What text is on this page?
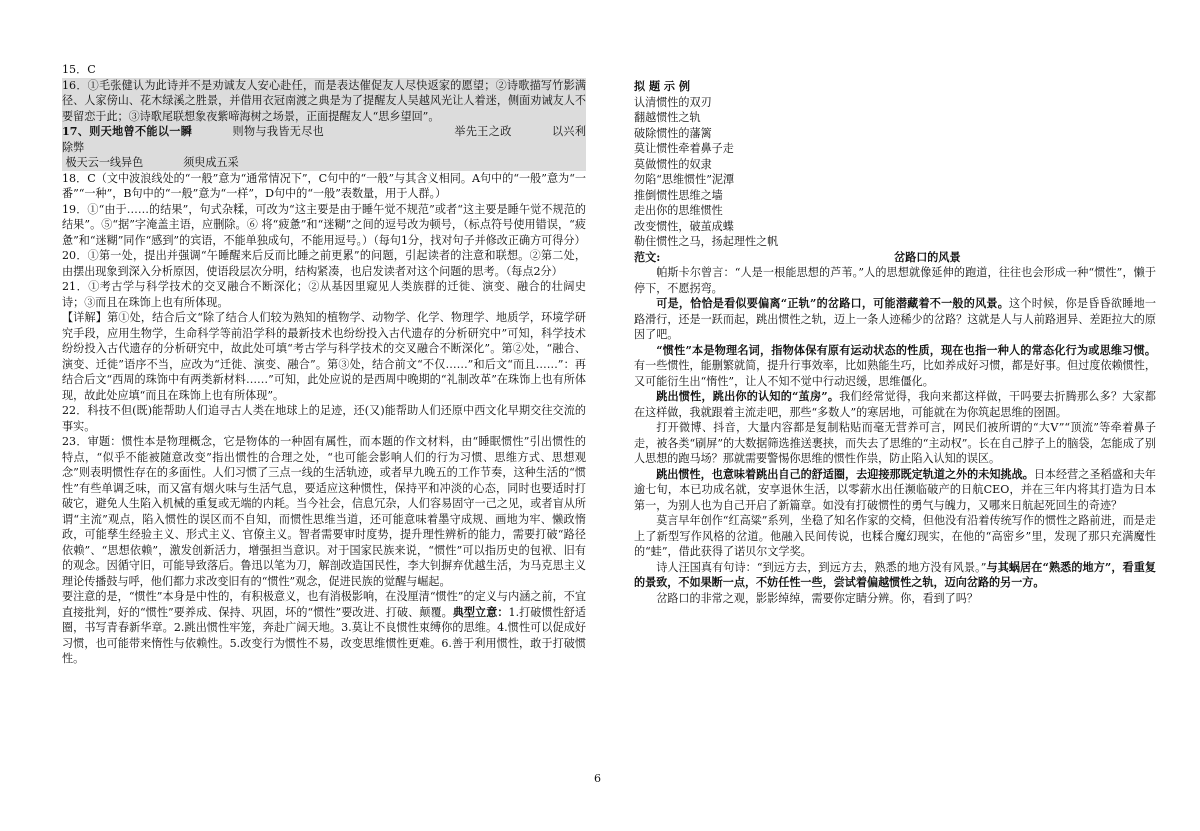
15．C

16．①毛张健认为此诗并不是劝诚友人安心赴任，而是表达催促友人尽快返家的愿望；②诗歌描写竹影满径、人家傍山、花木绿溪之胜景，并借用衣冠南渡之典是为了提醒友人吴越风光让人着迷，侧面劝诫友人不要留恋于此；③诗歌尾联想象夜紫啼海树之场景，正面提醒友人“思乡望回”。

17、则天地曾不能以一瞬	则物与我皆无尽也	举先王之政	以兴利除弊

极天云一线异色	须臾成五采

18．C（文中波浪线处的“一般”意为“通常情况下”，C句中的“一般”与其含义相同。A句中的“一般”意为“一番”“一种”，B句中的“一般”意为“一样”，D句中的“一般”表数量，用于人群。）

19．①“由于……的结果”，句式杂糅，可改为“这主要是由于睡午觉不规范”或者“这主要是睡午觉不规范的结果”。⑤“据”字淹盖主语，应删除。⑥ 将“疲惫”和“迷糊”之间的逗号改为顿号，（标点符号使用错误，“疲惫”和“迷糊”同作“感到”的宾语，不能单独成句，不能用逗号。）（每句1分，找对句子并修改正确方可得分）

20．①第一处，提出并强调“午睡醒来后反而比睡之前更累”的问题，引起读者的注意和联想。②第二处，由摆出现象到深入分析原因，使语段层次分明，结构紧凑，也启发读者对这个问题的思考。（每点2分）

21．①考古学与科学技术的交叉融合不断深化；②从基因里窥见人类族群的迁徙、演变、融合的壮阔史诗；③而且在珠饰上也有所体现。

【详解】第①处，结合后文“除了结合人们较为熟知的植物学、动物学、化学、物理学、地质学，环境学研究手段，应用生物学，生命科学等前沿学科的最新技术也纷纷投入古代遗存的分析研究中”可知，科学技术纷纷投入古代遗存的分析研究中，故此处可填“考古学与科学技术的交叉融合不断深化”。第②处，“融合、演变、迁徙”语序不当，应改为“迁徙、演变、融合”。第③处，结合前文“不仅……”和后文“而且……”：再结合后文“西周的珠饰中有两类新材料……”可知，此处应说的是西周中晚期的“礼制改革”在珠饰上也有所体现，故此处应填“而且在珠饰上也有所体现”。

22．科技不但(既)能帮助人们追寻古人类在地球上的足迹，还(又)能帮助人们还原中西文化早期交往交流的事实。

23．审题：惯性本是物理概念，它是物体的一种固有属性，而本题的作文材料，由“睡眠惯性”引出惯性的特点，“似乎不能被随意改变”指出惯性的合理之处，“也可能会影响人们的行为习惯、思维方式、思想观念”则表明惯性存在的多面性。人们习惯了三点一线的生活轨迹，或者早九晚五的工作节奏，这种生活的“惯性”有些单调乏味，而又富有烟火味与生活气息，要适应这种惯性，保持平和冲淡的心态，同时也要适时打破它，避免人生陷入机械的重复或无端的内耗。当今社会，信息冗杂，人们容易固守一己之见，或者盲从所谓“主流”观点，陷入惯性的误区而不自知，而惯性思维当道，还可能意味着墨守成规、画地为牢、懒政惰政，可能孳生经验主义、形式主义、官僚主义。智者需要审时度势，提升理性辨析的能力，需要打破“路径依赖”、“思想依赖”，激发创新活力，增强担当意识。对于国家民族来说，“惯性”可以指历史的包袱、旧有的观念。因循守旧，可能导致落后。鲁迅以笔为刀，解剖改造国民性，李大钊摒弃优越生活，为马克思主义理论传播鼓与呼，他们都力求改变旧有的“惯性”观念，促进民族的觉醒与崛起。

要注意的是，“惯性”本身是中性的，有积极意义，也有消极影响，在没厘清“惯性”的定义与内涵之前，不宜直接批判，好的“惯性”要养成、保持、巩固，坏的“惯性”要改进、打破、颠覆。典型立意：1.打破惯性舒适圈，书写青春新华章。2.跳出惯性牢笼，奔赴广阔天地。3.莫让不良惯性束缚你的思维。4.惯性可以促成好习惯，也可能带来惰性与依赖性。5.改变行为惯性不易，改变思维惯性更难。6.善于利用惯性，敢于打破惯性。

拟 题 示 例

认清惯性的双刃

翻越惯性之轨

破除惯性的藩篱

莫让惯性牵着鼻子走

莫做惯性的奴隶

勿陷“思维惯性”泥潭

推倒惯性思维之墙

走出你的思维惯性

改变惯性，破茧成蝶

勒住惯性之马，扬起理性之帆

范文:	岔路口的风景

帕斯卡尔曾言：“人是一根能思想的芦苇。”人的思想就像延伸的跑道，往往也会形成一种“惯性”，懒于停下，不愿拐弯。

可是，恰恰是看似要偏离“正轨”的岔路口，可能潜藏着不一般的风景。这个时候，你是昏昏欲睡地一路滑行，还是一跃而起，跳出惯性之轨，迈上一条人迹稀少的岔路？这就是人与人前路迥异、差距拉大的原因了吧。

“惯性”本是物理名词，指物体保有原有运动状态的性质，现在也指一种人的常态化行为或思维习惯。有一些惯性，能删繁就简，提升行事效率，比如熟能生巧，比如养成好习惯，都是好事。但过度依赖惯性，又可能衍生出“惰性”，让人不知不觉中行动迟缓，思维僵化。

跳出惯性，跳出你的认知的“茧房”。我们经常觉得，我向来都这样做，干吗要去折腾那么多？大家都在这样做，我就跟着主流走吧，那些“多数人”的寒居地，可能就在为你筑起思维的囹圄。

打开微博、抖音，大量内容都是复制粘贴而毫无营养可言，网民们被所谓的“大V”“顶流”等牵着鼻子走，被各类“刷屏”的大数据筛选推送裹挟，而失去了思维的“主动权”。长在自己脖子上的脑袋，怎能成了别人思想的跑马场？那就需要警惕你思维的惯性作祟，防止陷入认知的误区。

跳出惯性，也意味着跳出自己的舒适圈，去迎接那既定轨道之外的未知挑战。日本经营之圣稻盛和夫年逾七旬，本已功成名就，安享退休生活，以零薪水出任濒临破产的日航CEO，并在三年内将其打造为日本第一，为别人也为自己开启了新篇章。如没有打破惯性的勇气与魄力，又哪来日航起死回生的奇迹？

莫言早年创作“红高粱”系列，坐稳了知名作家的交椅，但他没有沿着传统写作的惯性之路前进，而是走上了新型写作风格的岔道。他融入民间传说，也糅合魔幻现实，在他的“高密乡”里，发现了那只充满魔性的“蛙”，借此获得了诺贝尔文学奖。

诗人汪国真有句诗：“到远方去，到远方去，熟悉的地方没有风景。”与其蜗居在“熟悉的地方”，看重复的景致，不如果断一点，不妨任性一些，尝试着偏越惯性之轨，迈向岔路的另一方。

岔路口的非常之观，影影绰绰，需要你定睛分辨。你，看到了吗？

6
